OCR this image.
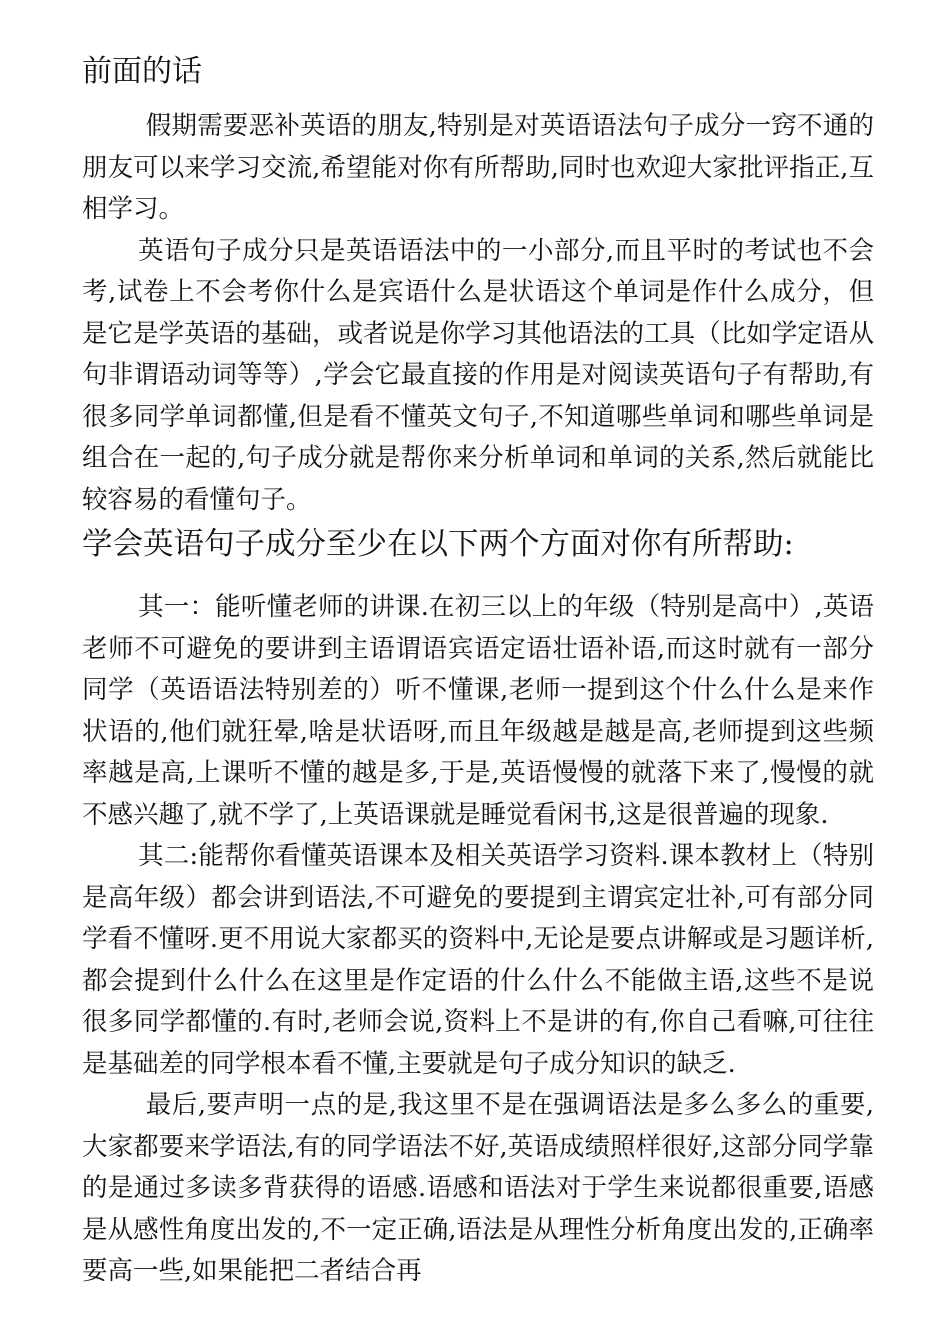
前面的话

假期需要恶补英语的朋友,特别是对英语语法句子成分一窍不通的朋友可以来学习交流,希望能对你有所帮助,同时也欢迎大家批评指正,互相学习。

英语句子成分只是英语语法中的一小部分,而且平时的考试也不会考,试卷上不会考你什么是宾语什么是状语这个单词是作什么成分，但是它是学英语的基础，或者说是你学习其他语法的工具（比如学定语从句非谓语动词等等）,学会它最直接的作用是对阅读英语句子有帮助,有很多同学单词都懂,但是看不懂英文句子,不知道哪些单词和哪些单词是组合在一起的,句子成分就是帮你来分析单词和单词的关系,然后就能比较容易的看懂句子。

学会英语句子成分至少在以下两个方面对你有所帮助:

其一：能听懂老师的讲课.在初三以上的年级（特别是高中）,英语老师不可避免的要讲到主语谓语宾语定语壮语补语,而这时就有一部分同学（英语语法特别差的）听不懂课,老师一提到这个什么什么是来作状语的,他们就狂晕,啥是状语呀,而且年级越是越是高,老师提到这些频率越是高,上课听不懂的越是多,于是,英语慢慢的就落下来了,慢慢的就不感兴趣了,就不学了,上英语课就是睡觉看闲书,这是很普遍的现象.

其二:能帮你看懂英语课本及相关英语学习资料.课本教材上（特别是高年级）都会讲到语法,不可避免的要提到主谓宾定壮补,可有部分同学看不懂呀.更不用说大家都买的资料中,无论是要点讲解或是习题详析,都会提到什么什么在这里是作定语的什么什么不能做主语,这些不是说很多同学都懂的.有时,老师会说,资料上不是讲的有,你自己看嘛,可往往是基础差的同学根本看不懂,主要就是句子成分知识的缺乏.

最后,要声明一点的是,我这里不是在强调语法是多么多么的重要,大家都要来学语法,有的同学语法不好,英语成绩照样很好,这部分同学靠的是通过多读多背获得的语感.语感和语法对于学生来说都很重要,语感是从感性角度出发的,不一定正确,语法是从理性分析角度出发的,正确率要高一些,如果能把二者结合再
